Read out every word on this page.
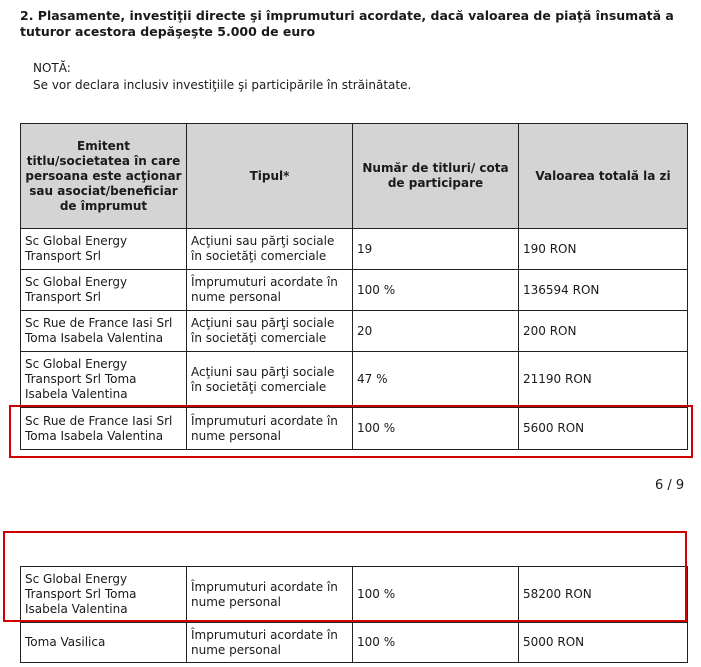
2. Plasamente, investiţii directe şi împrumuturi acordate, dacă valoarea de piaţă însumată a tuturor acestora depăşeşte 5.000 de euro
NOTĂ:
Se vor declara inclusiv investiţiile şi participările în străinătate.
Emitent titlu/societatea în care persoana este acţionar sau asociat/beneficiar de împrumut	Tipul*	Număr de titluri/ cota de participare	Valoarea totală la zi
Sc Global Energy Transport Srl	Acţiuni sau părţi sociale în societăţi comerciale	19	190 RON
Sc Global Energy Transport Srl	Împrumuturi acordate în nume personal	100 %	136594 RON
Sc Rue de France Iasi Srl Toma Isabela Valentina	Acţiuni sau părţi sociale în societăţi comerciale	20	200 RON
Sc Global Energy Transport Srl Toma Isabela Valentina	Acţiuni sau părţi sociale în societăţi comerciale	47 %	21190 RON
Sc Rue de France Iasi Srl Toma Isabela Valentina	Împrumuturi acordate în nume personal	100 %	5600 RON
6 / 9
Sc Global Energy Transport Srl Toma Isabela Valentina	Împrumuturi acordate în nume personal	100 %	58200 RON
Toma Vasilica	Împrumuturi acordate în nume personal	100 %	5000 RON
